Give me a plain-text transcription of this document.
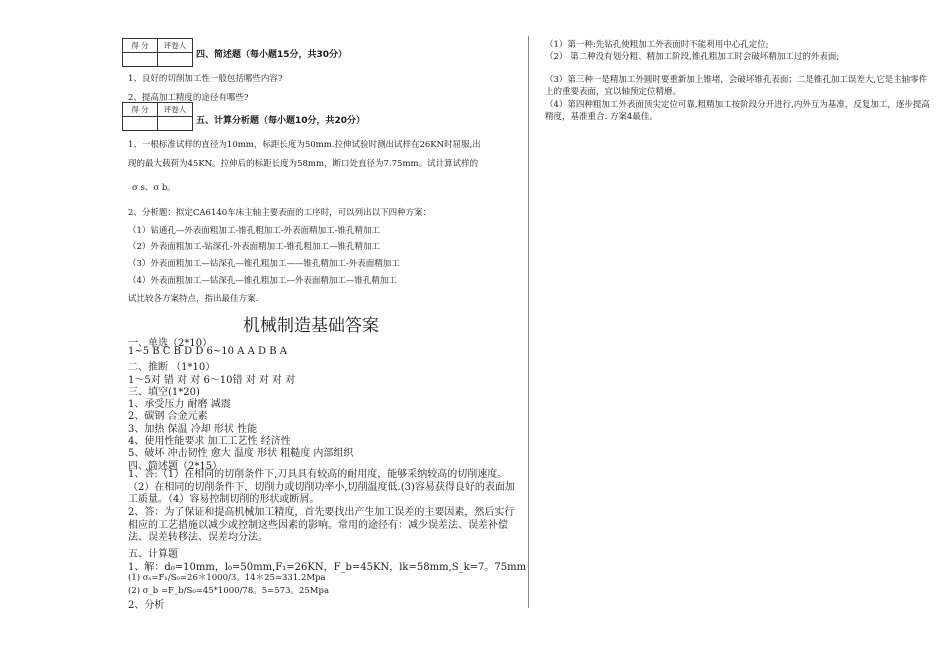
得 分	评卷人

四、简述题（每小题15分，共30分）
1、良好的切削加工性一般包括哪些内容?
2、提高加工精度的途径有哪些?
得 分	评卷人

五、计算分析题（每小题10分，共20分）
1、一根标准试样的直径为10mm，标距长度为50mm.拉伸试验时测出试样在26KN时屈服,出
现的最大载荷为45KN。拉伸后的标距长度为58mm，断口处直径为7.75mm。试计算试样的
σ s、σ b。
2、分析题：拟定CA6140车床主轴主要表面的工序时，可以列出以下四种方案：
（1）钻通孔—外表面粗加工-锥孔粗加工-外表面精加工-锥孔精加工
（2）外表面粗加工-钻深孔-外表面精加工-锥孔粗加工—锥孔精加工
（3）外表面粗加工—钻深孔—锥孔粗加工——锥孔精加工-外表面精加工
（4）外表面粗加工—钻深孔—锥孔粗加工—外表面精加工—锥孔精加工
试比较各方案特点，指出最佳方案.
机械制造基础答案
一、单选（2*10）
1~5 B C B D D 6~10 A A D B A
二、推断 （1*10）
1～5对 错 对 对 6～10错 对 对 对 对
三、填空(1*20)
1、承受压力 耐磨 减震
2、碳钢 合金元素
3、加热 保温 冷却 形状 性能
4、使用性能要求 加工工艺性 经济性
5、破坏 冲击韧性 愈大 温度 形状 粗糙度 内部组织
四、简述题（2*15）
1、答:（1）在相同的切削条件下,刀具具有较高的耐用度，能够采纳较高的切削速度。（2）在相同的切削条件下，切削力或切削功率小,切削温度低.(3)容易获得良好的表面加工质量。（4）容易控制切削的形状或断屑。
2、答：为了保证和提高机械加工精度，首先要找出产生加工误差的主要因素，然后实行相应的工艺措施以减少或控制这些因素的影响。常用的途径有：减少误差法、误差补偿法、误差转移法、误差均分法。
五、计算题
1、解：d₀=10mm，l₀=50mm,F₁=26KN，F_b=45KN，lk=58mm,S_k=7。75mm
(1) σₛ=F₁/S₀=26＊1000/3。14＊25=331.2Mpa
(2) σ_b =F_b/S₀=45*1000/78。5=573。25Mpa
2、分析
（1）第一种:先钻孔使粗加工外表面时不能利用中心孔定位;
（2） 第二种没有划分粗、精加工阶段,锥孔粗加工时会破坏精加工过的外表面;
（3）第三种一是精加工外圆时要重新加上锥堵，会破坏锥孔表面；二是锥孔加工误差大,它是主轴零件上的重要表面，宜以轴预定位精磨。
（4）第四种粗加工外表面顶尖定位可靠,粗精加工按阶段分开进行,内外互为基准，反复加工，逐步提高精度，基准重合. 方案4最佳。
